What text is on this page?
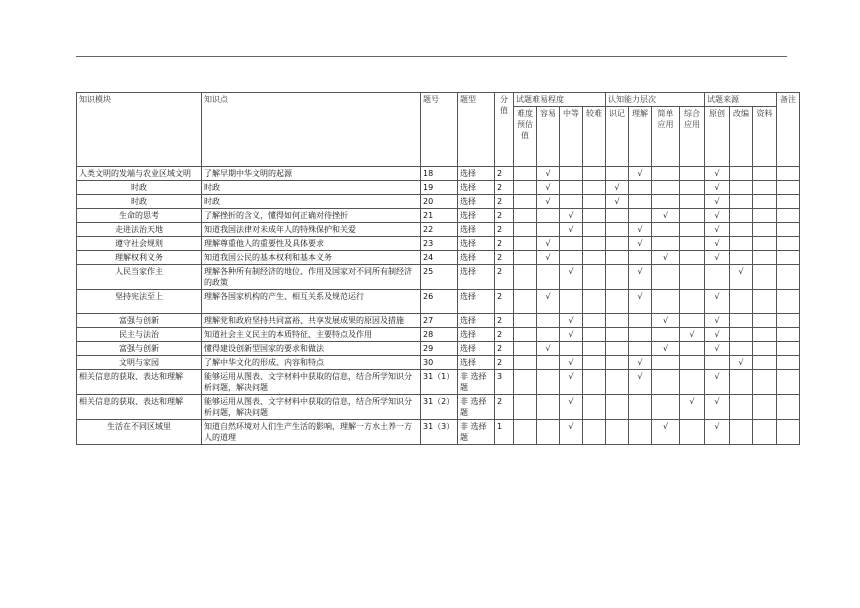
知识模块	知识点	题号	题型	分值	试题难易程度				认知能力层次				试题来源			备注
					难度预估值	容易	中等	较难	识记	理解	简单应用	综合应用	原创	改编	资料	
人类文明的发端与农业区域文明	了解早期中华文明的起源	18	选择	2		√				√			√			
时政	时政	19	选择	2		√			√				√			
时政	时政	20	选择	2		√			√				√			
生命的思考	了解挫折的含义，懂得如何正确对待挫折	21	选择	2			√				√		√			
走进法治天地	知道我国法律对未成年人的特殊保护和关爱	22	选择	2			√			√			√			
遵守社会规则	理解尊重他人的重要性及具体要求	23	选择	2		√				√			√			
理解权利义务	知道我国公民的基本权利和基本义务	24	选择	2		√					√		√			
人民当家作主	理解各种所有制经济的地位、作用及国家对不同所有制经济的政策	25	选择	2			√			√				√		
坚持宪法至上	理解各国家机构的产生、相互关系及规范运行	26	选择	2		√				√			√			
富强与创新	理解党和政府坚持共同富裕、共享发展成果的原因及措施	27	选择	2			√				√		√			
民主与法治	知道社会主义民主的本质特征、主要特点及作用	28	选择	2			√					√	√			
富强与创新	懂得建设创新型国家的要求和做法	29	选择	2		√					√		√			
文明与家园	了解中华文化的形成、内容和特点	30	选择	2			√			√				√		
相关信息的获取、表达和理解	能够运用从图表、文字材料中获取的信息，结合所学知识分析问题，解决问题	31（1）	非 选择题	3			√			√			√			
相关信息的获取、表达和理解	能够运用从图表、文字材料中获取的信息，结合所学知识分析问题，解决问题	31（2）	非 选择题	2			√					√	√			
生活在不同区域里	知道自然环境对人们生产生活的影响，理解一方水土养一方人的道理	31（3）	非 选择题	1			√				√		√			
